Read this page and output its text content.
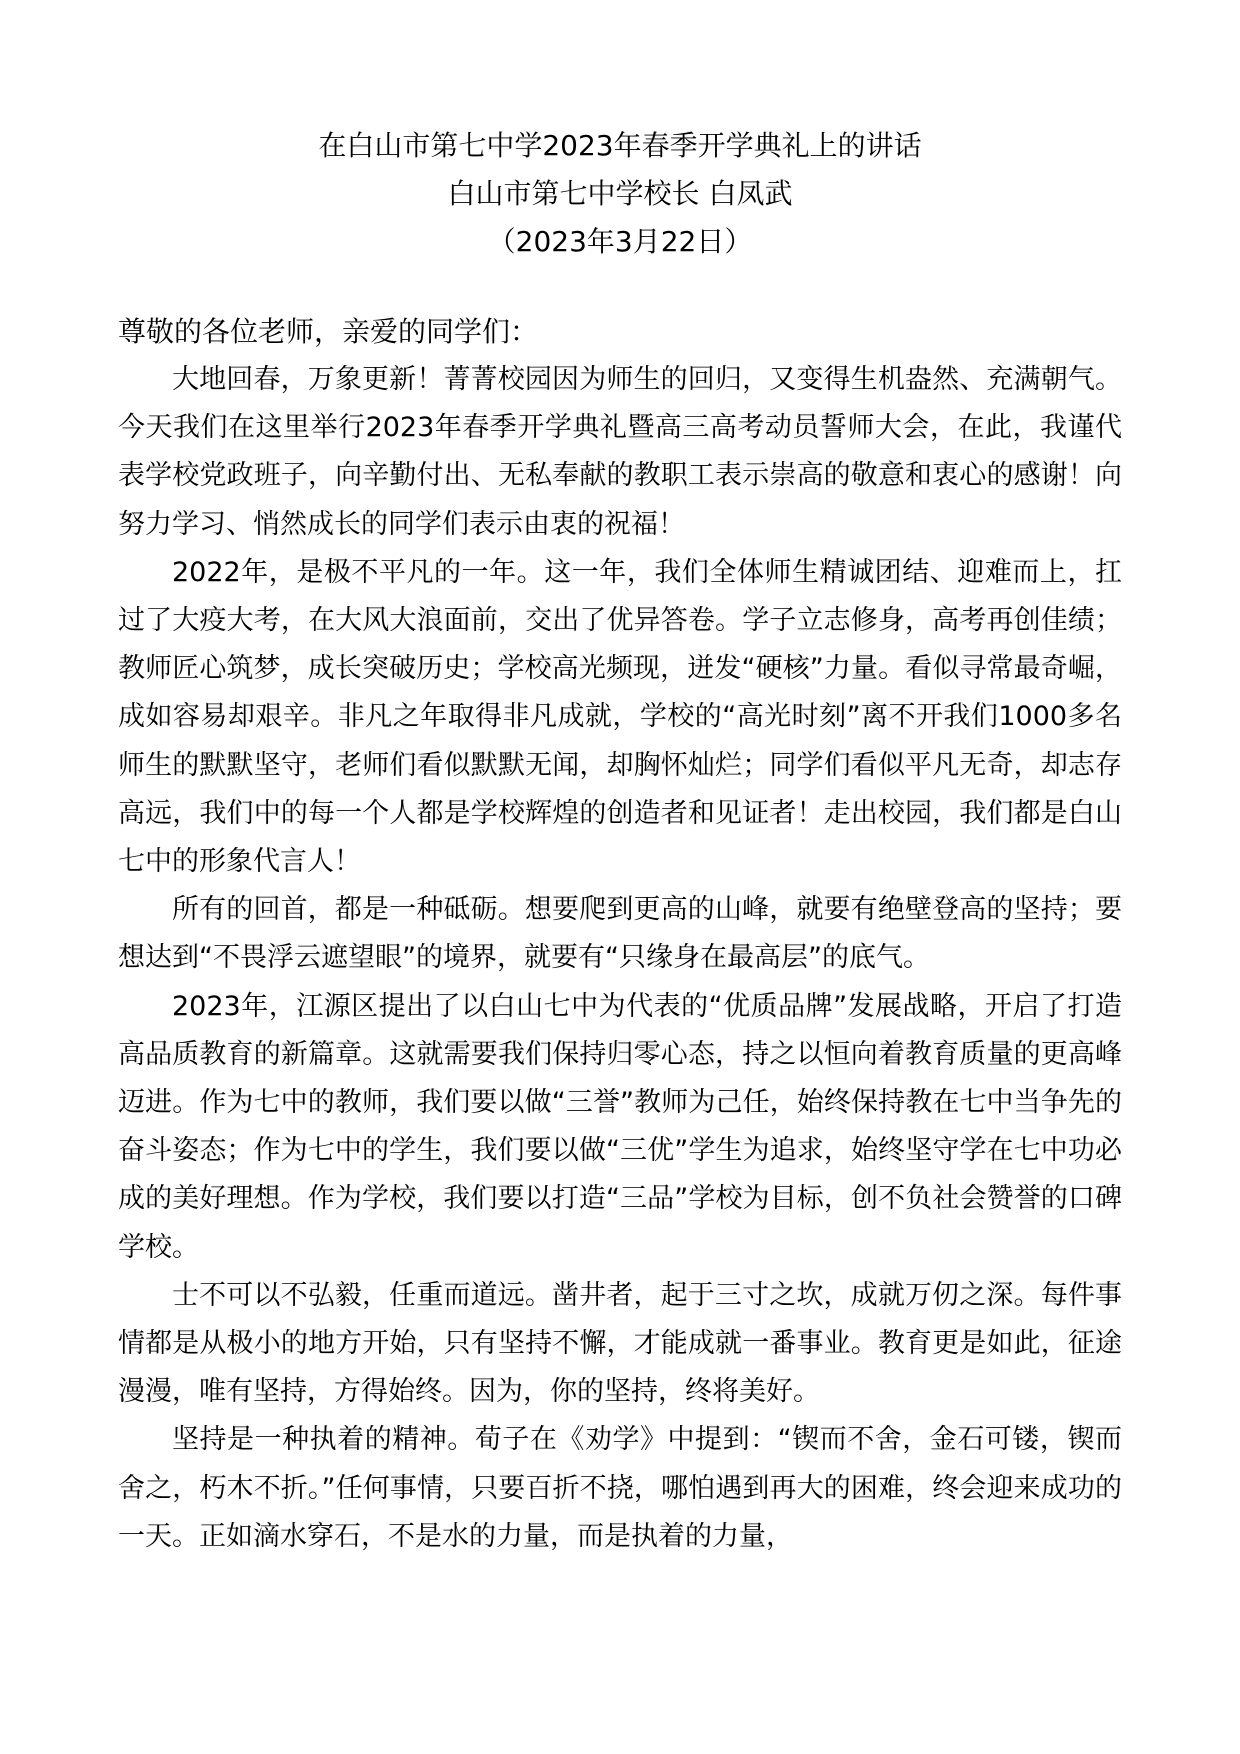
在白山市第七中学2023年春季开学典礼上的讲话
白山市第七中学校长 白凤武
（2023年3月22日）
尊敬的各位老师，亲爱的同学们：

大地回春，万象更新！菁菁校园因为师生的回归，又变得生机盎然、充满朝气。今天我们在这里举行2023年春季开学典礼暨高三高考动员誓师大会，在此，我谨代表学校党政班子，向辛勤付出、无私奉献的教职工表示崇高的敬意和衷心的感谢！向努力学习、悄然成长的同学们表示由衷的祝福！

2022年，是极不平凡的一年。这一年，我们全体师生精诚团结、迎难而上，扛过了大疫大考，在大风大浪面前，交出了优异答卷。学子立志修身，高考再创佳绩；教师匠心筑梦，成长突破历史；学校高光频现，迸发“硬核”力量。看似寻常最奇崛，成如容易却艰辛。非凡之年取得非凡成就，学校的“高光时刻”离不开我们1000多名师生的默默坚守，老师们看似默默无闻，却胸怀灿烂；同学们看似平凡无奇，却志存高远，我们中的每一个人都是学校辉煌的创造者和见证者！走出校园，我们都是白山七中的形象代言人！

所有的回首，都是一种砥砺。想要爬到更高的山峰，就要有绝壁登高的坚持；要想达到“不畏浮云遮望眼”的境界，就要有“只缘身在最高层”的底气。

2023年，江源区提出了以白山七中为代表的“优质品牌”发展战略，开启了打造高品质教育的新篇章。这就需要我们保持归零心态，持之以恒向着教育质量的更高峰迈进。作为七中的教师，我们要以做“三誉”教师为己任，始终保持教在七中当争先的奋斗姿态；作为七中的学生，我们要以做“三优”学生为追求，始终坚守学在七中功必成的美好理想。作为学校，我们要以打造“三品”学校为目标，创不负社会赞誉的口碑学校。

士不可以不弘毅，任重而道远。凿井者，起于三寸之坎，成就万仞之深。每件事情都是从极小的地方开始，只有坚持不懈，才能成就一番事业。教育更是如此，征途漫漫，唯有坚持，方得始终。因为，你的坚持，终将美好。

坚持是一种执着的精神。荀子在《劝学》中提到：“锲而不舍，金石可镂，锲而舍之，朽木不折。”任何事情，只要百折不挠，哪怕遇到再大的困难，终会迎来成功的一天。正如滴水穿石，不是水的力量，而是执着的力量，
